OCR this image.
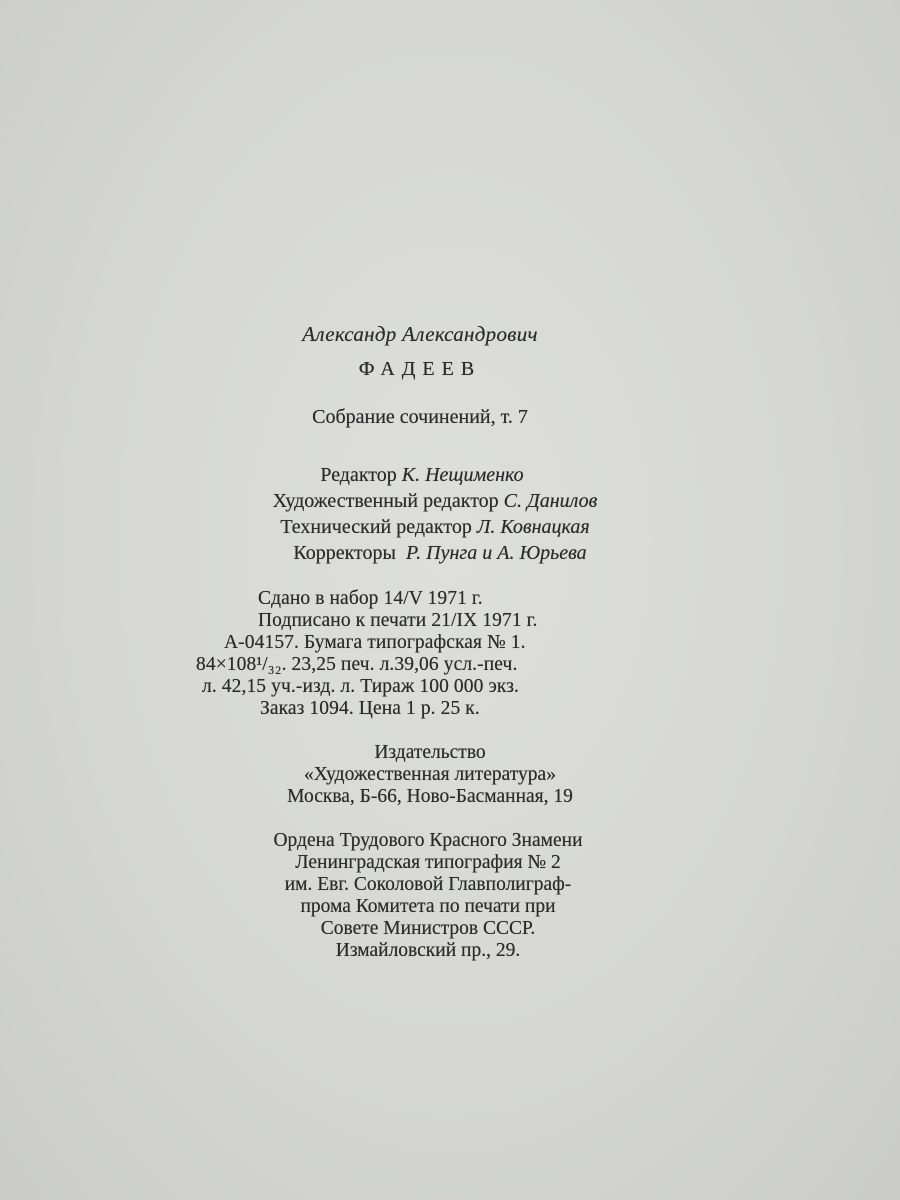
Александр Александрович

ФАДЕЕВ

Собрание сочинений, т. 7

Редактор К. Нещименко
Художественный редактор С. Данилов
Технический редактор Л. Ковнацкая
Корректоры Р. Пунга и А. Юрьева
Сдано в набор 14/V 1971 г.
Подписано к печати 21/IX 1971 г.
А-04157. Бумага типографская № 1.
84×108¹/₃₂. 23,25 печ. л.39,06 усл.-печ.
л. 42,15 уч.-изд. л. Тираж 100 000 экз.
Заказ 1094. Цена 1 р. 25 к.
Издательство
«Художественная литература»
Москва, Б-66, Ново-Басманная, 19
Ордена Трудового Красного Знамени
Ленинградская типография № 2
им. Евг. Соколовой Главполиграф-
прома Комитета по печати при
Совете Министров СССР.
Измайловский пр., 29.
